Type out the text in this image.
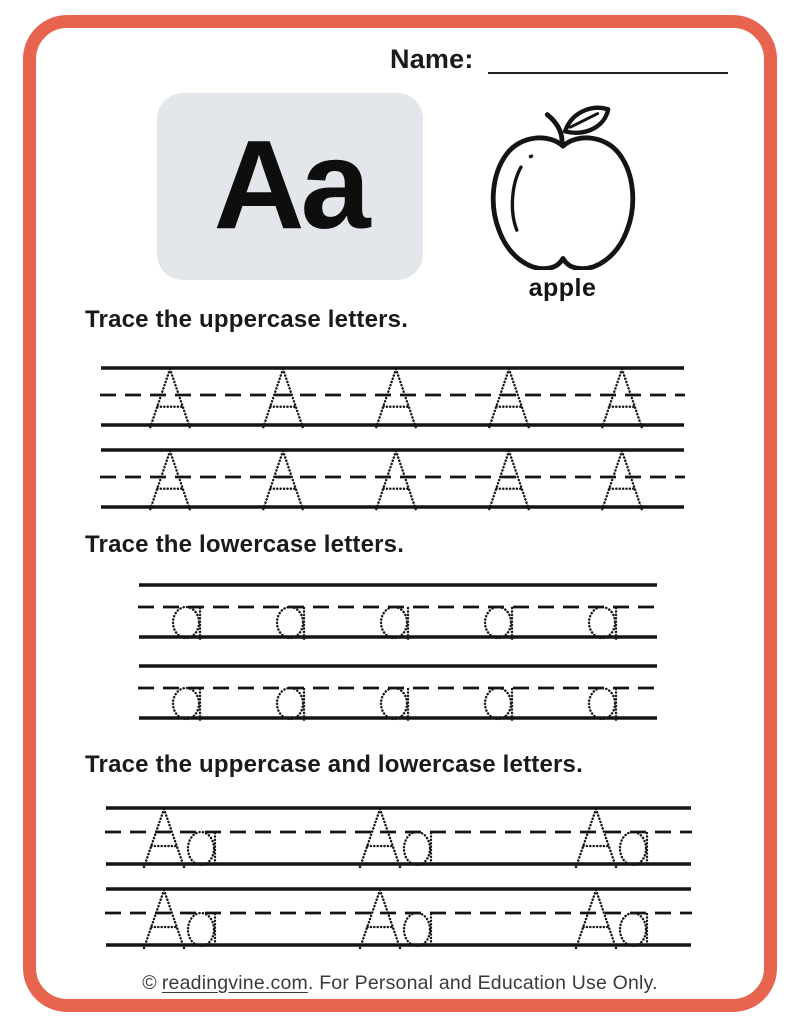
Name:
Aa
apple
Trace the uppercase letters.
Trace the lowercase letters.
Trace the uppercase and lowercase letters.
© readingvine.com. For Personal and Education Use Only.
